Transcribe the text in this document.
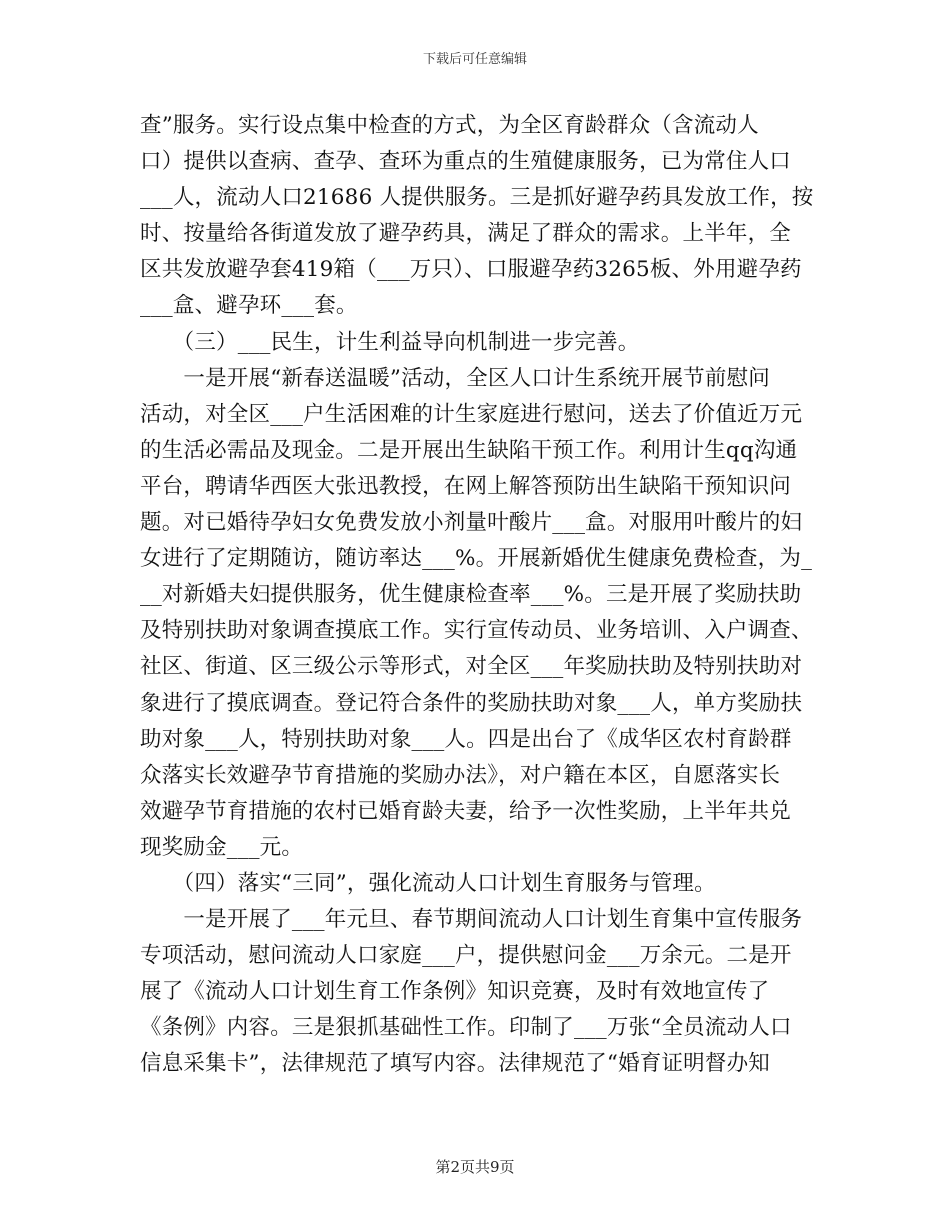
下载后可任意编辑
查”服务。实行设点集中检查的方式，为全区育龄群众（含流动人
口）提供以查病、查孕、查环为重点的生殖健康服务，已为常住人口
___人，流动人口21686 人提供服务。三是抓好避孕药具发放工作，按
时、按量给各街道发放了避孕药具，满足了群众的需求。上半年，全
区共发放避孕套419箱（___万只）、口服避孕药3265板、外用避孕药
___盒、避孕环___套。
　　（三）___民生，计生利益导向机制进一步完善。
　　一是开展“新春送温暖”活动，全区人口计生系统开展节前慰问
活动，对全区___户生活困难的计生家庭进行慰问，送去了价值近万元
的生活必需品及现金。二是开展出生缺陷干预工作。利用计生qq沟通
平台，聘请华西医大张迅教授，在网上解答预防出生缺陷干预知识问
题。对已婚待孕妇女免费发放小剂量叶酸片___盒。对服用叶酸片的妇
女进行了定期随访，随访率达___%。开展新婚优生健康免费检查，为_
__对新婚夫妇提供服务，优生健康检查率___%。三是开展了奖励扶助
及特别扶助对象调查摸底工作。实行宣传动员、业务培训、入户调查、
社区、街道、区三级公示等形式，对全区___年奖励扶助及特别扶助对
象进行了摸底调查。登记符合条件的奖励扶助对象___人，单方奖励扶
助对象___人，特别扶助对象___人。四是出台了《成华区农村育龄群
众落实长效避孕节育措施的奖励办法》，对户籍在本区，自愿落实长
效避孕节育措施的农村已婚育龄夫妻，给予一次性奖励，上半年共兑
现奖励金___元。
　　（四）落实“三同”，强化流动人口计划生育服务与管理。
　　一是开展了___年元旦、春节期间流动人口计划生育集中宣传服务
专项活动，慰问流动人口家庭___户，提供慰问金___万余元。二是开
展了《流动人口计划生育工作条例》知识竞赛，及时有效地宣传了
《条例》内容。三是狠抓基础性工作。印制了___万张“全员流动人口
信息采集卡”，法律规范了填写内容。法律规范了“婚育证明督办知
第2页共9页
